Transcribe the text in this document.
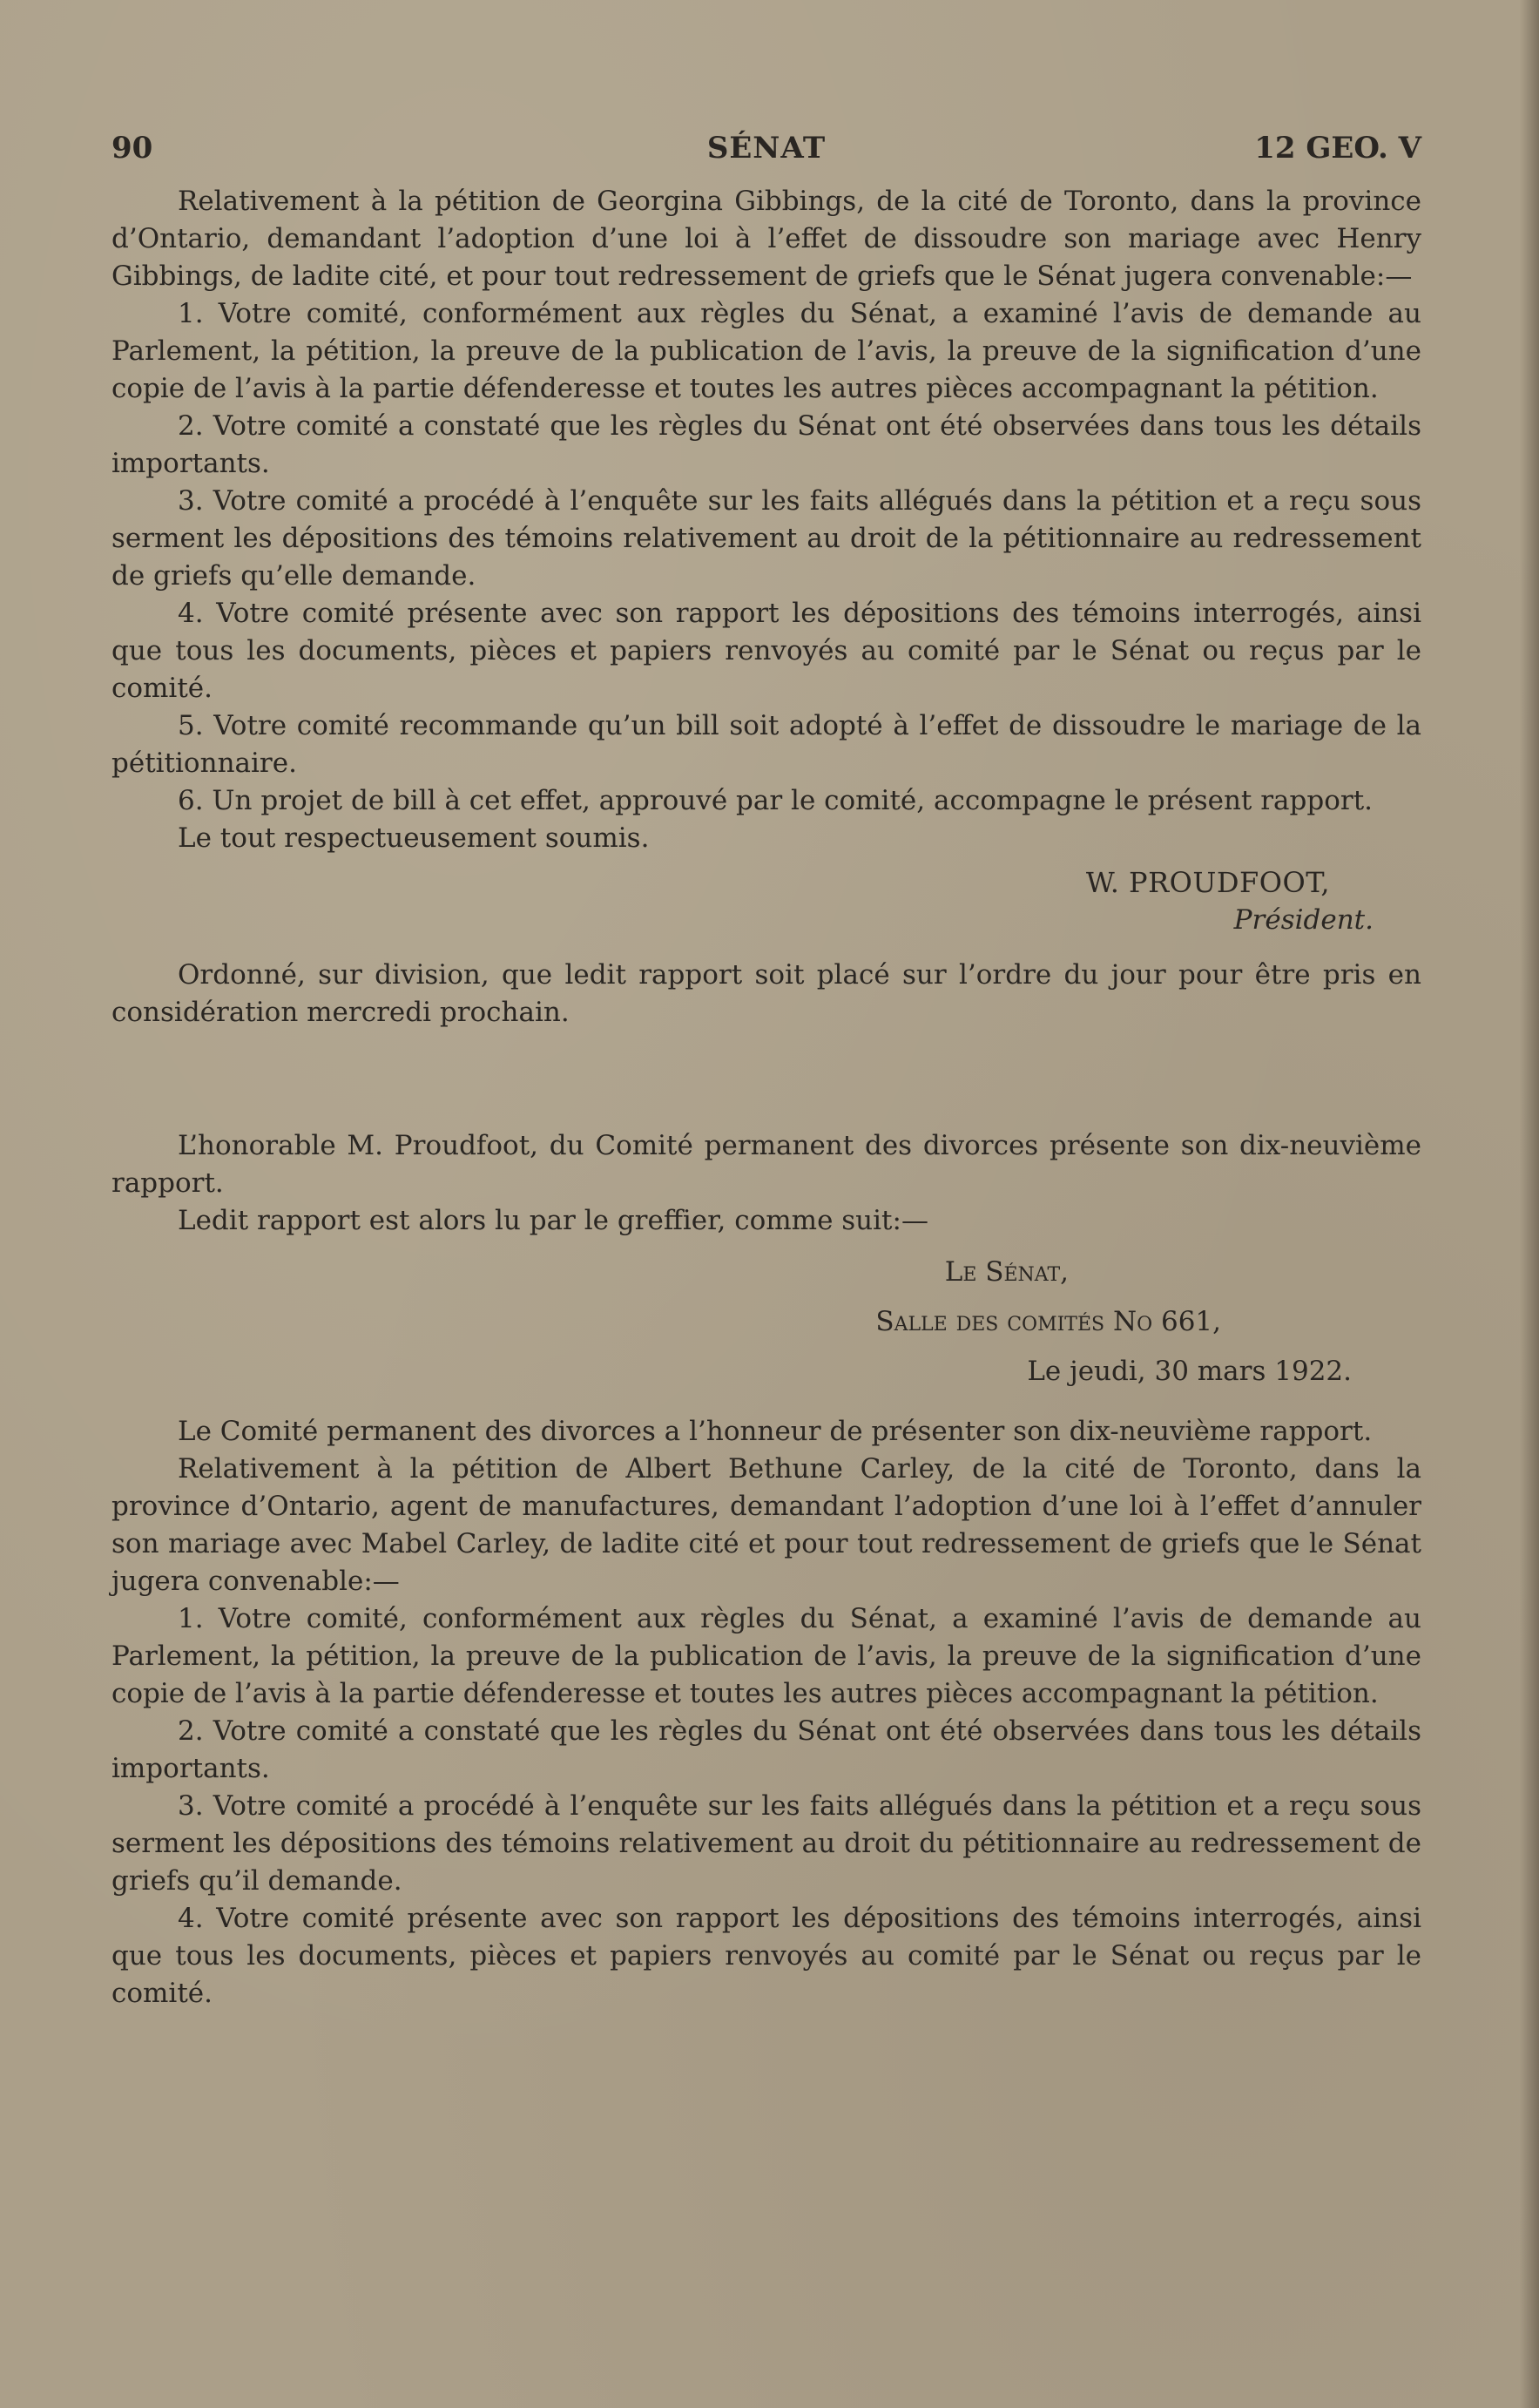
90	SÉNAT	12 GEO. V

Relativement à la pétition de Georgina Gibbings, de la cité de Toronto, dans la province d’Ontario, demandant l’adoption d’une loi à l’effet de dissoudre son mariage avec Henry Gibbings, de ladite cité, et pour tout redressement de griefs que le Sénat jugera convenable:—

1. Votre comité, conformément aux règles du Sénat, a examiné l’avis de demande au Parlement, la pétition, la preuve de la publication de l’avis, la preuve de la signification d’une copie de l’avis à la partie défenderesse et toutes les autres pièces accompagnant la pétition.

2. Votre comité a constaté que les règles du Sénat ont été observées dans tous les détails importants.

3. Votre comité a procédé à l’enquête sur les faits allégués dans la pétition et a reçu sous serment les dépositions des témoins relativement au droit de la pétitionnaire au redressement de griefs qu’elle demande.

4. Votre comité présente avec son rapport les dépositions des témoins interrogés, ainsi que tous les documents, pièces et papiers renvoyés au comité par le Sénat ou reçus par le comité.

5. Votre comité recommande qu’un bill soit adopté à l’effet de dissoudre le mariage de la pétitionnaire.

6. Un projet de bill à cet effet, approuvé par le comité, accompagne le présent rapport.

Le tout respectueusement soumis.

W. PROUDFOOT,
Président.

Ordonné, sur division, que ledit rapport soit placé sur l’ordre du jour pour être pris en considération mercredi prochain.

L’honorable M. Proudfoot, du Comité permanent des divorces présente son dix-neuvième rapport.

Ledit rapport est alors lu par le greffier, comme suit:—

Le Sénat,
Salle des comités No 661,
Le jeudi, 30 mars 1922.

Le Comité permanent des divorces a l’honneur de présenter son dix-neuvième rapport.

Relativement à la pétition de Albert Bethune Carley, de la cité de Toronto, dans la province d’Ontario, agent de manufactures, demandant l’adoption d’une loi à l’effet d’annuler son mariage avec Mabel Carley, de ladite cité et pour tout redressement de griefs que le Sénat jugera convenable:—

1. Votre comité, conformément aux règles du Sénat, a examiné l’avis de demande au Parlement, la pétition, la preuve de la publication de l’avis, la preuve de la signification d’une copie de l’avis à la partie défenderesse et toutes les autres pièces accompagnant la pétition.

2. Votre comité a constaté que les règles du Sénat ont été observées dans tous les détails importants.

3. Votre comité a procédé à l’enquête sur les faits allégués dans la pétition et a reçu sous serment les dépositions des témoins relativement au droit du pétitionnaire au redressement de griefs qu’il demande.

4. Votre comité présente avec son rapport les dépositions des témoins interrogés, ainsi que tous les documents, pièces et papiers renvoyés au comité par le Sénat ou reçus par le comité.
